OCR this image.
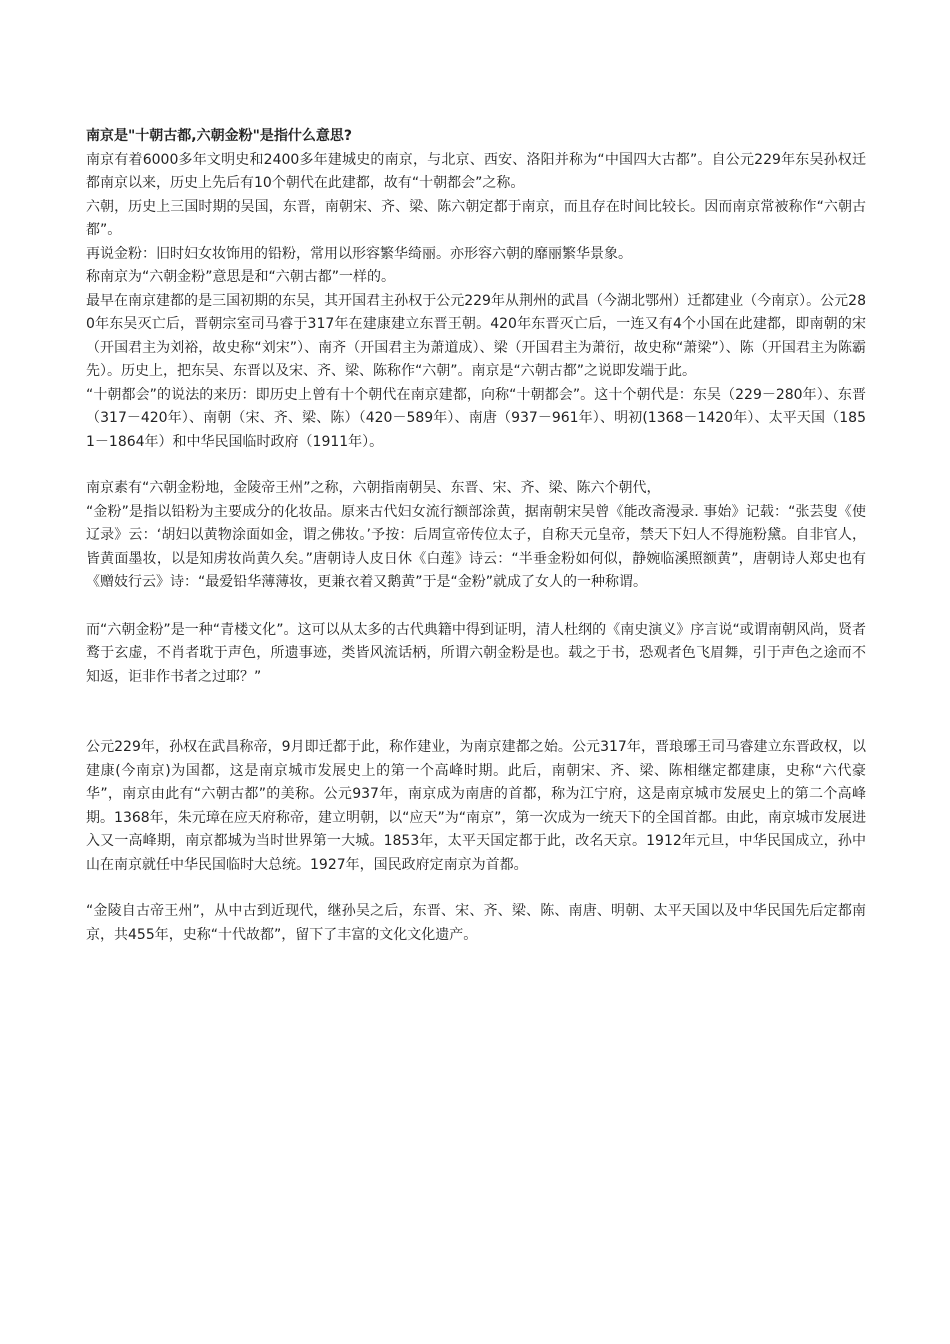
南京是"十朝古都,六朝金粉"是指什么意思?

南京有着6000多年文明史和2400多年建城史的南京，与北京、西安、洛阳并称为“中国四大古都”。自公元229年东吴孙权迁都南京以来，历史上先后有10个朝代在此建都，故有“十朝都会”之称。

六朝，历史上三国时期的吴国，东晋，南朝宋、齐、梁、陈六朝定都于南京，而且存在时间比较长。因而南京常被称作“六朝古都”。

再说金粉：旧时妇女妆饰用的铅粉，常用以形容繁华绮丽。亦形容六朝的靡丽繁华景象。

称南京为“六朝金粉”意思是和“六朝古都”一样的。

最早在南京建都的是三国初期的东吴，其开国君主孙权于公元229年从荆州的武昌（今湖北鄂州）迁都建业（今南京）。公元280年东吴灭亡后，晋朝宗室司马睿于317年在建康建立东晋王朝。420年东晋灭亡后，一连又有4个小国在此建都，即南朝的宋（开国君主为刘裕，故史称“刘宋”）、南齐（开国君主为萧道成）、梁（开国君主为萧衍，故史称“萧梁”）、陈（开国君主为陈霸先）。历史上，把东吴、东晋以及宋、齐、梁、陈称作“六朝”。南京是“六朝古都”之说即发端于此。

“十朝都会”的说法的来历：即历史上曾有十个朝代在南京建都，向称“十朝都会”。这十个朝代是：东吴（229－280年）、东晋（317－420年）、南朝（宋、齐、梁、陈）（420－589年）、南唐（937－961年）、明初(1368－1420年）、太平天国（1851－1864年）和中华民国临时政府（1911年）。

南京素有“六朝金粉地，金陵帝王州”之称，六朝指南朝吴、东晋、宋、齐、梁、陈六个朝代，

“金粉”是指以铅粉为主要成分的化妆品。原来古代妇女流行额部涂黄，据南朝宋吴曾《能改斋漫录. 事始》记载：“张芸叟《使辽录》云：‘胡妇以黄物涂面如金，谓之佛妆。’予按：后周宣帝传位太子，自称天元皇帝，禁天下妇人不得施粉黛。自非官人，皆黄面墨妆，以是知虏妆尚黄久矣。”唐朝诗人皮日休《白莲》诗云：“半垂金粉如何似，静婉临溪照额黄”，唐朝诗人郑史也有《赠妓行云》诗：“最爱铅华薄薄妆，更兼衣着又鹅黄”于是“金粉”就成了女人的一种称谓。

而“六朝金粉”是一种“青楼文化”。这可以从太多的古代典籍中得到证明，清人杜纲的《南史演义》序言说“或谓南朝风尚，贤者鹜于玄虚，不肖者耽于声色，所遗事迹，类皆风流话柄，所谓六朝金粉是也。载之于书，恐观者色飞眉舞，引于声色之途而不知返，讵非作书者之过耶？”

公元229年，孙权在武昌称帝，9月即迁都于此，称作建业，为南京建都之始。公元317年，晋琅琊王司马睿建立东晋政权，以建康(今南京)为国都，这是南京城市发展史上的第一个高峰时期。此后，南朝宋、齐、梁、陈相继定都建康，史称“六代豪华”，南京由此有“六朝古都”的美称。公元937年，南京成为南唐的首都，称为江宁府，这是南京城市发展史上的第二个高峰期。1368年，朱元璋在应天府称帝，建立明朝，以“应天”为“南京”，第一次成为一统天下的全国首都。由此，南京城市发展进入又一高峰期，南京都城为当时世界第一大城。1853年，太平天国定都于此，改名天京。1912年元旦，中华民国成立，孙中山在南京就任中华民国临时大总统。1927年，国民政府定南京为首都。

“金陵自古帝王州”，从中古到近现代，继孙吴之后，东晋、宋、齐、梁、陈、南唐、明朝、太平天国以及中华民国先后定都南京，共455年，史称“十代故都”，留下了丰富的文化文化遗产。
